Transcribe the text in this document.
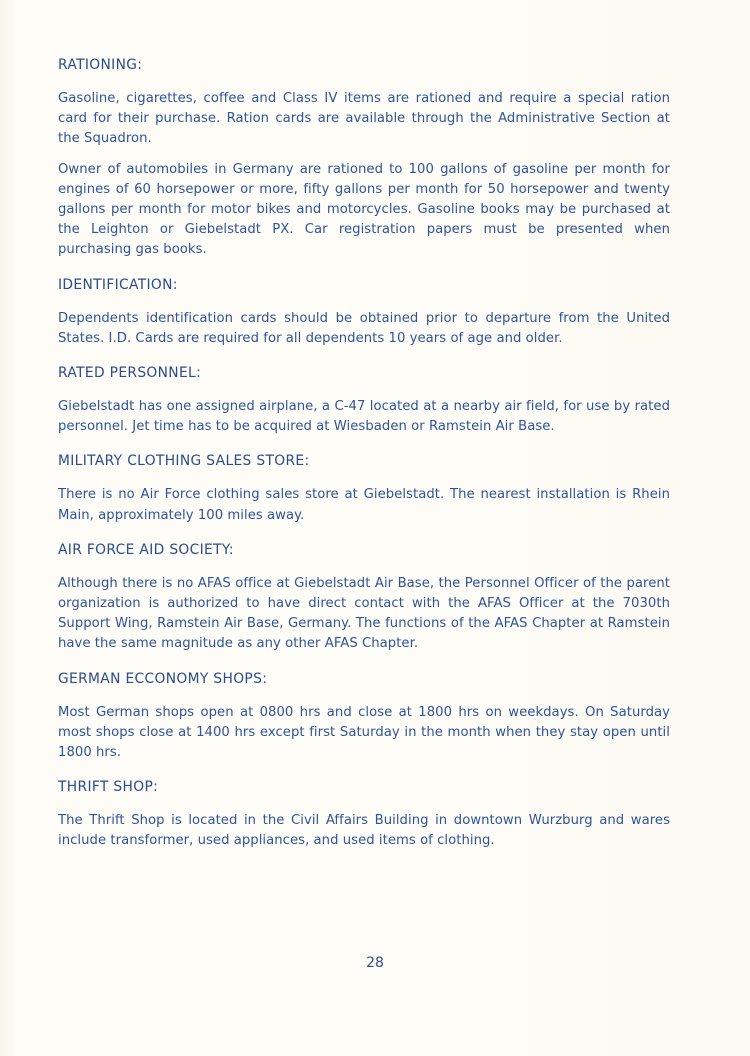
RATIONING:

Gasoline, cigarettes, coffee and Class IV items are rationed and require a special ration card for their purchase. Ration cards are available through the Administrative Section at the Squadron.

Owner of automobiles in Germany are rationed to 100 gallons of gasoline per month for engines of 60 horsepower or more, fifty gallons per month for 50 horsepower and twenty gallons per month for motor bikes and motorcycles. Gasoline books may be purchased at the Leighton or Giebelstadt PX. Car registration papers must be presented when purchasing gas books.

IDENTIFICATION:

Dependents identification cards should be obtained prior to departure from the United States. I.D. Cards are required for all dependents 10 years of age and older.

RATED PERSONNEL:

Giebelstadt has one assigned airplane, a C-47 located at a nearby air field, for use by rated personnel. Jet time has to be acquired at Wiesbaden or Ramstein Air Base.

MILITARY CLOTHING SALES STORE:

There is no Air Force clothing sales store at Giebelstadt. The nearest installation is Rhein Main, approximately 100 miles away.

AIR FORCE AID SOCIETY:

Although there is no AFAS office at Giebelstadt Air Base, the Personnel Officer of the parent organization is authorized to have direct contact with the AFAS Officer at the 7030th Support Wing, Ramstein Air Base, Germany. The functions of the AFAS Chapter at Ramstein have the same magnitude as any other AFAS Chapter.

GERMAN ECCONOMY SHOPS:

Most German shops open at 0800 hrs and close at 1800 hrs on weekdays. On Saturday most shops close at 1400 hrs except first Saturday in the month when they stay open until 1800 hrs.

THRIFT SHOP:

The Thrift Shop is located in the Civil Affairs Building in downtown Wurzburg and wares include transformer, used appliances, and used items of clothing.

28
